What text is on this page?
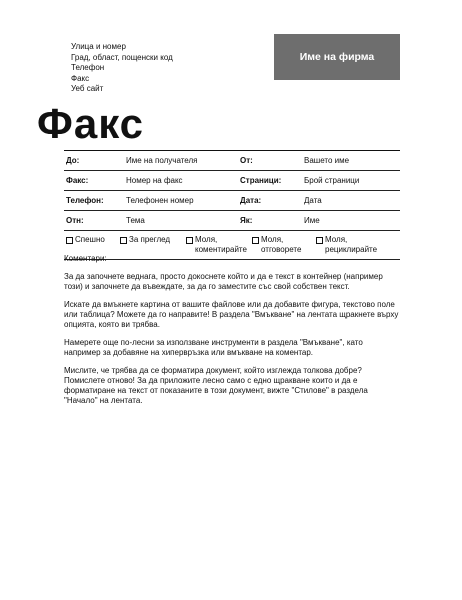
Улица и номер
Град, област, пощенски код
Телефон
Факс
Уеб сайт
Име на фирма
Факс
До:	Име на получателя	От:	Вашето име
Факс:	Номер на факс	Страници:	Брой страници
Телефон:	Телефонен номер	Дата:	Дата
Отн:	Тема	Як:	Име
Спешно	За преглед	Моля,
коментирайте
Моля,
отговорете
Моля,
рециклирайте

Коментари:

За да започнете веднага, просто докоснете който и да е текст в контейнер (например този) и започнете да въвеждате, за да го заместите със свой собствен текст.

Искате да вмъкнете картина от вашите файлове или да добавите фигура, текстово поле или таблица? Можете да го направите! В раздела "Вмъкване" на лентата щракнете върху опцията, която ви трябва.

Намерете още по-лесни за използване инструменти в раздела "Вмъкване", като например за добавяне на хипервръзка или вмъкване на коментар.

Мислите, че трябва да се форматира документ, който изглежда толкова добре? Помислете отново! За да приложите лесно само с едно щракване които и да е форматиране на текст от показаните в този документ, вижте "Стилове" в раздела "Начало" на лентата.
